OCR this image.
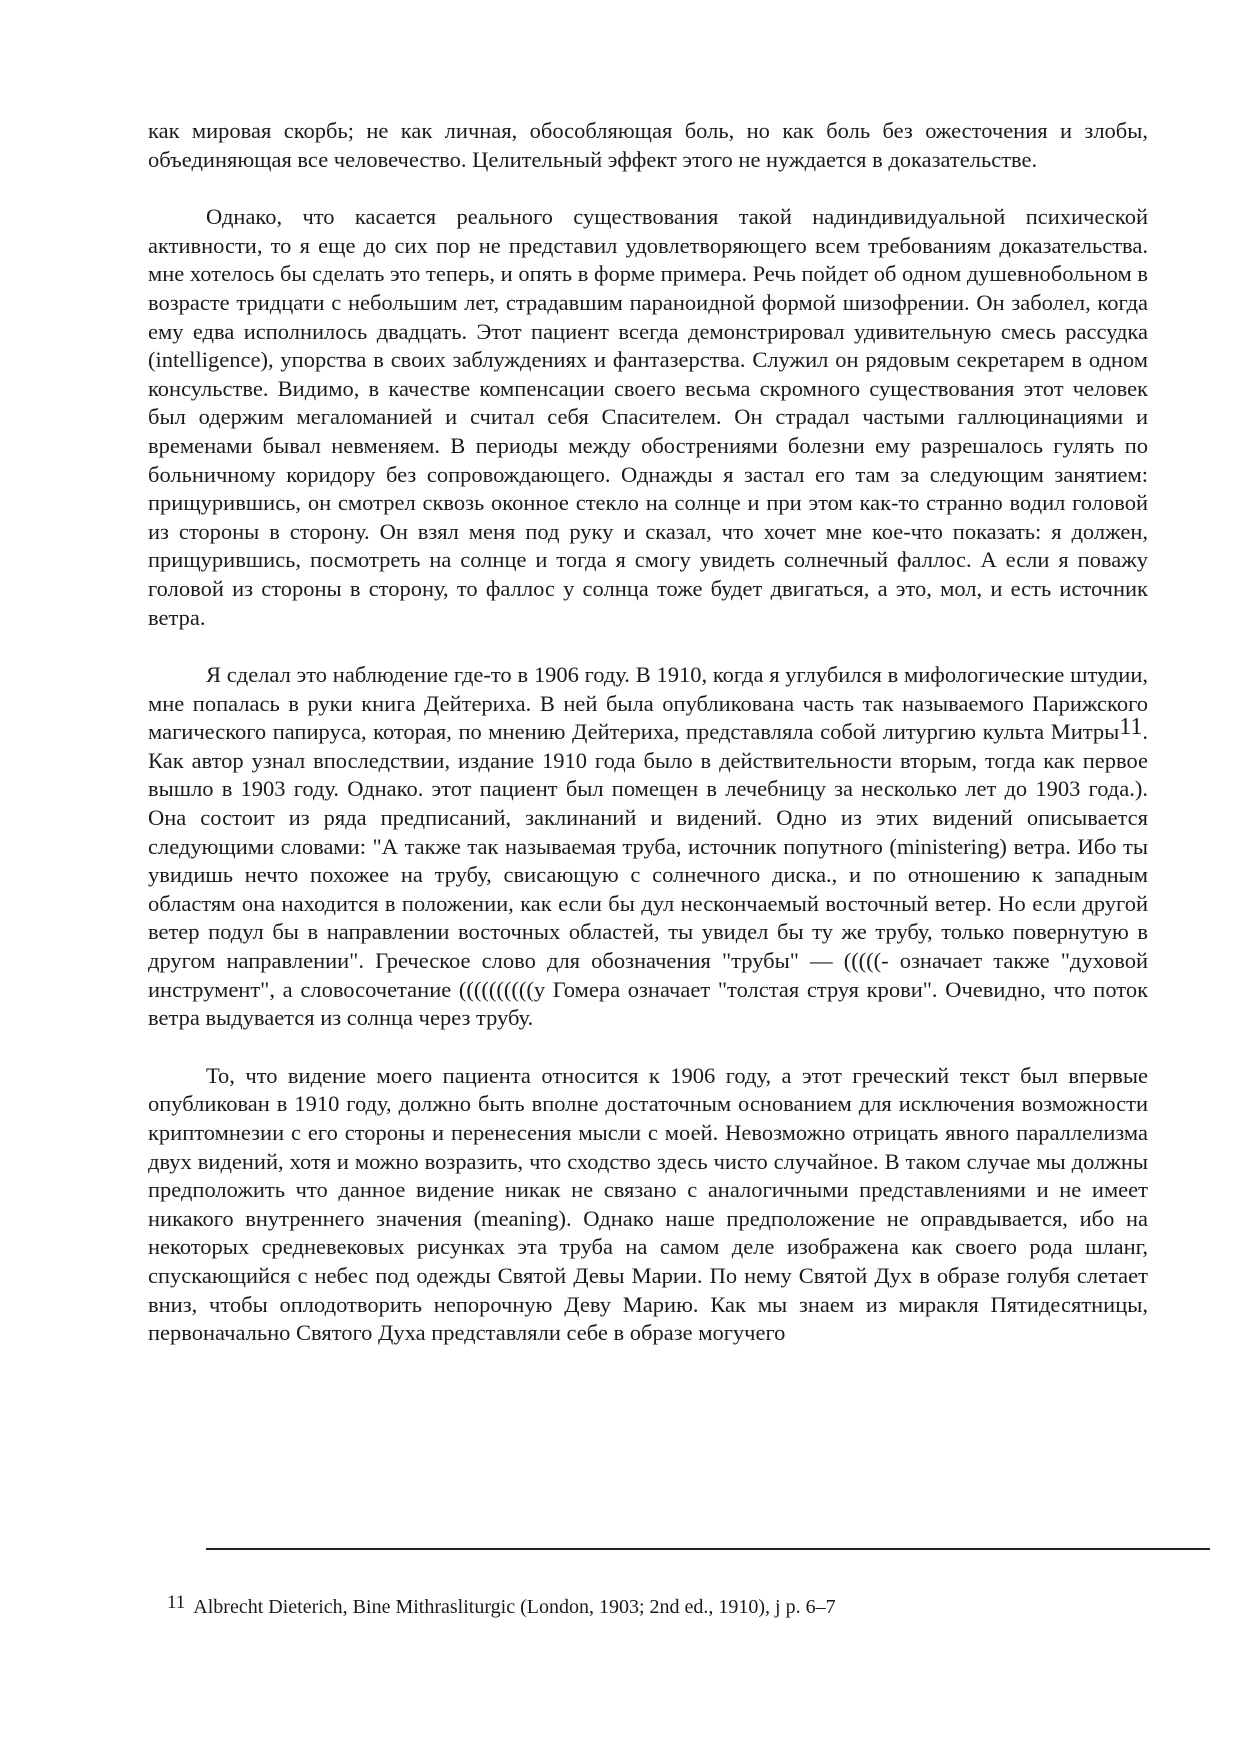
как мировая скорбь; не как личная, обособляющая боль, но как боль без ожесточения и злобы, объединяющая все человечество. Целительный эффект этого не нуждается в доказательстве.

Однако, что касается реального существования такой надиндивидуальной психической активности, то я еще до сих пор не представил удовлетворяющего всем требованиям доказательства. мне хотелось бы сделать это теперь, и опять в форме примера. Речь пойдет об одном душевнобольном в возрасте тридцати с небольшим лет, страдавшим параноидной формой шизофрении. Он заболел, когда ему едва исполнилось двадцать. Этот пациент всегда демонстрировал удивительную смесь рассудка (intelligence), упорства в своих заблуждениях и фантазерства. Служил он рядовым секретарем в одном консульстве. Видимо, в качестве компенсации своего весьма скромного существования этот человек был одержим мегаломанией и считал себя Спасителем. Он страдал частыми галлюцинациями и временами бывал невменяем. В периоды между обострениями болезни ему разрешалось гулять по больничному коридору без сопровождающего. Однажды я застал его там за следующим занятием: прищурившись, он смотрел сквозь оконное стекло на солнце и при этом как-то странно водил головой из стороны в сторону. Он взял меня под руку и сказал, что хочет мне кое-что показать: я должен, прищурившись, посмотреть на солнце и тогда я смогу увидеть солнечный фаллос. А если я поважу головой из стороны в сторону, то фаллос у солнца тоже будет двигаться, а это, мол, и есть источник ветра.

Я сделал это наблюдение где-то в 1906 году. В 1910, когда я углубился в мифологические штудии, мне попалась в руки книга Дейтериха. В ней была опубликована часть так называемого Парижского магического папируса, которая, по мнению Дейтериха, представляла собой литургию культа Митры$^{11}$. Как автор узнал впоследствии, издание 1910 года было в действительности вторым, тогда как первое вышло в 1903 году. Однако. этот пациент был помещен в лечебницу за несколько лет до 1903 года.). Она состоит из ряда предписаний, заклинаний и видений. Одно из этих видений описывается следующими словами: "А также так называемая труба, источник попутного (ministering) ветра. Ибо ты увидишь нечто похожее на трубу, свисающую с солнечного диска., и по отношению к западным областям она находится в положении, как если бы дул нескончаемый восточный ветер. Но если другой ветер подул бы в направлении восточных областей, ты увидел бы ту же трубу, только повернутую в другом направлении". Греческое слово для обозначения "трубы" — (((((- означает также "духовой инструмент", а словосочетание ((((((((((у Гомера означает "толстая струя крови". Очевидно, что поток ветра выдувается из солнца через трубу.

То, что видение моего пациента относится к 1906 году, а этот греческий текст был впервые опубликован в 1910 году, должно быть вполне достаточным основанием для исключения возможности криптомнезии с его стороны и перенесения мысли с моей. Невозможно отрицать явного параллелизма двух видений, хотя и можно возразить, что сходство здесь чисто случайное. В таком случае мы должны предположить что данное видение никак не связано с аналогичными представлениями и не имеет никакого внутреннего значения (meaning). Однако наше предположение не оправдывается, ибо на некоторых средневековых рисунках эта труба на самом деле изображена как своего рода шланг, спускающийся с небес под одежды Святой Девы Марии. По нему Святой Дух в образе голубя слетает вниз, чтобы оплодотворить непорочную Деву Марию. Как мы знаем из миракля Пятидесятницы, первоначально Святого Духа представляли себе в образе могучего

11 Albrecht Dieterich, Bine Mithrasliturgic (London, 1903; 2nd ed., 1910), j p. 6–7
